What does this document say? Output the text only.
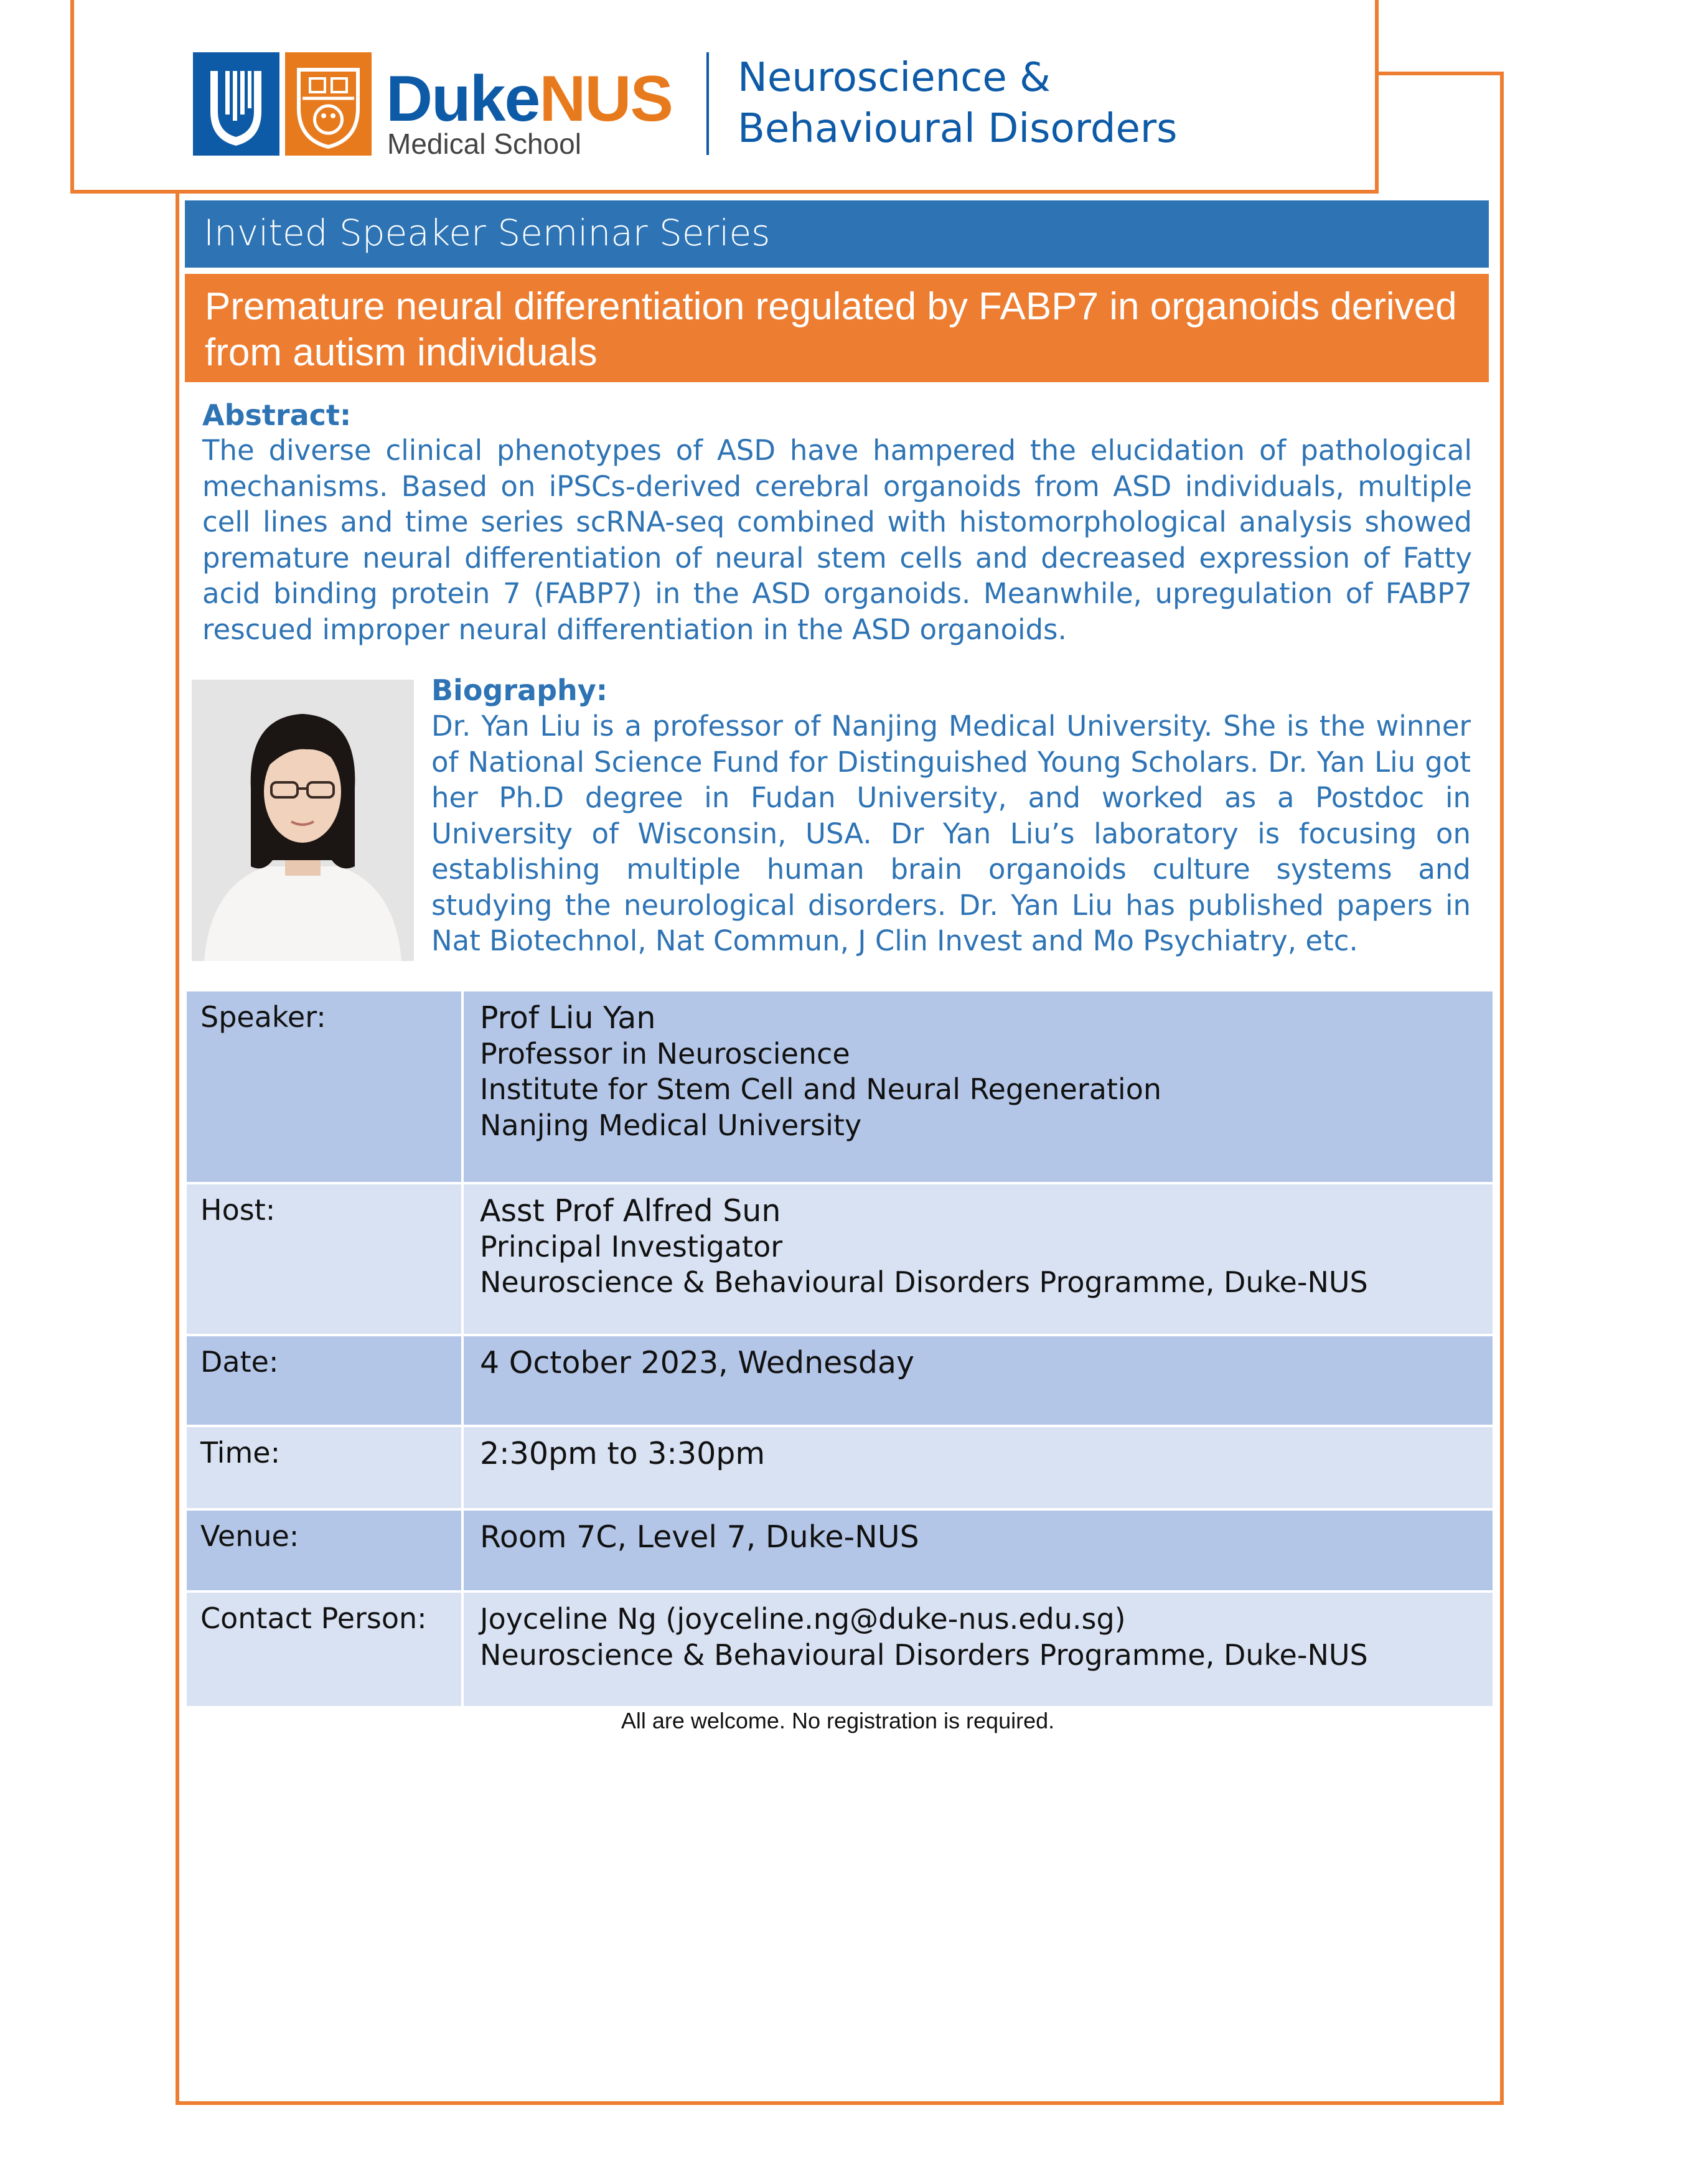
DukeNUS
Medical School
Neuroscience &
Behavioural Disorders
Invited Speaker Seminar Series
Premature neural differentiation regulated by FABP7 in organoids derived from autism individuals
Abstract:
The diverse clinical phenotypes of ASD have hampered the elucidation of pathological mechanisms. Based on iPSCs-derived cerebral organoids from ASD individuals, multiple cell lines and time series scRNA-seq combined with histomorphological analysis showed premature neural differentiation of neural stem cells and decreased expression of Fatty acid binding protein 7 (FABP7) in the ASD organoids. Meanwhile, upregulation of FABP7 rescued improper neural differentiation in the ASD organoids.
Biography:
Dr. Yan Liu is a professor of Nanjing Medical University. She is the winner of National Science Fund for Distinguished Young Scholars. Dr. Yan Liu got her Ph.D degree in Fudan University, and worked as a Postdoc in University of Wisconsin, USA. Dr Yan Liu’s laboratory is focusing on establishing multiple human brain organoids culture systems and studying the neurological disorders. Dr. Yan Liu has published papers in Nat Biotechnol, Nat Commun, J Clin Invest and Mo Psychiatry, etc.
Speaker:	Prof Liu Yan
Professor in Neuroscience
Institute for Stem Cell and Neural Regeneration
Nanjing Medical University
Host:	Asst Prof Alfred Sun
Principal Investigator
Neuroscience & Behavioural Disorders Programme, Duke-NUS
Date:	4 October 2023, Wednesday
Time:	2:30pm to 3:30pm
Venue:	Room 7C, Level 7, Duke-NUS
Contact Person: Joyceline Ng (joyceline.ng@duke-nus.edu.sg)
Neuroscience & Behavioural Disorders Programme, Duke-NUS
All are welcome. No registration is required.
